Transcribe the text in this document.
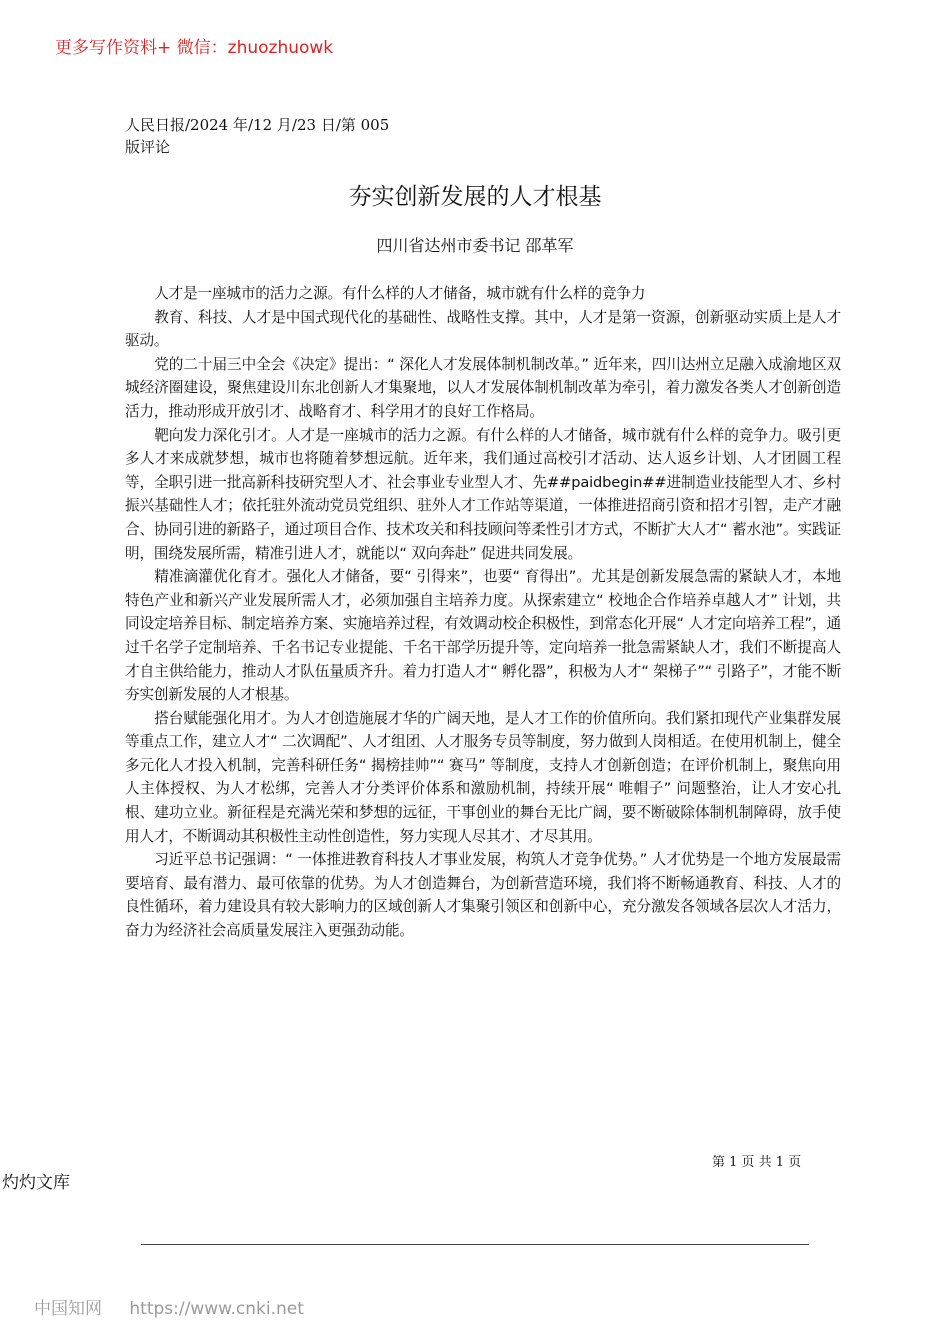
更多写作资料+ 微信：zhuozhuowk
人民日报/2024 年/12 月/23 日/第 005
版评论
夯实创新发展的人才根基
四川省达州市委书记 邵革军

人才是一座城市的活力之源。有什么样的人才储备，城市就有什么样的竞争力

教育、科技、人才是中国式现代化的基础性、战略性支撑。其中，人才是第一资源，创新驱动实质上是人才驱动。

党的二十届三中全会《决定》提出：“ 深化人才发展体制机制改革。” 近年来，四川达州立足融入成渝地区双城经济圈建设，聚焦建设川东北创新人才集聚地，以人才发展体制机制改革为牵引，着力激发各类人才创新创造活力，推动形成开放引才、战略育才、科学用才的良好工作格局。

靶向发力深化引才。人才是一座城市的活力之源。有什么样的人才储备，城市就有什么样的竞争力。吸引更多人才来成就梦想，城市也将随着梦想远航。近年来，我们通过高校引才活动、达人返乡计划、人才团圆工程等，全职引进一批高新科技研究型人才、社会事业专业型人才、先##paidbegin##进制造业技能型人才、乡村振兴基础性人才；依托驻外流动党员党组织、驻外人才工作站等渠道，一体推进招商引资和招才引智，走产才融合、协同引进的新路子，通过项目合作、技术攻关和科技顾问等柔性引才方式，不断扩大人才“ 蓄水池”。实践证明，围绕发展所需，精准引进人才，就能以“ 双向奔赴” 促进共同发展。

精准滴灌优化育才。强化人才储备，要“ 引得来”，也要“ 育得出”。尤其是创新发展急需的紧缺人才，本地特色产业和新兴产业发展所需人才，必须加强自主培养力度。从探索建立“ 校地企合作培养卓越人才” 计划，共同设定培养目标、制定培养方案、实施培养过程，有效调动校企积极性，到常态化开展“ 人才定向培养工程”，通过千名学子定制培养、千名书记专业提能、千名干部学历提升等，定向培养一批急需紧缺人才，我们不断提高人才自主供给能力，推动人才队伍量质齐升。着力打造人才“ 孵化器”，积极为人才“ 架梯子”“ 引路子”，才能不断夯实创新发展的人才根基。

搭台赋能强化用才。为人才创造施展才华的广阔天地，是人才工作的价值所向。我们紧扣现代产业集群发展等重点工作，建立人才“ 二次调配”、人才组团、人才服务专员等制度，努力做到人岗相适。在使用机制上，健全多元化人才投入机制，完善科研任务“ 揭榜挂帅”“ 赛马” 等制度，支持人才创新创造；在评价机制上，聚焦向用人主体授权、为人才松绑，完善人才分类评价体系和激励机制，持续开展“ 唯帽子” 问题整治，让人才安心扎根、建功立业。新征程是充满光荣和梦想的远征，干事创业的舞台无比广阔，要不断破除体制机制障碍，放手使用人才，不断调动其积极性主动性创造性，努力实现人尽其才、才尽其用。

习近平总书记强调：“ 一体推进教育科技人才事业发展，构筑人才竞争优势。” 人才优势是一个地方发展最需要培育、最有潜力、最可依靠的优势。为人才创造舞台，为创新营造环境，我们将不断畅通教育、科技、人才的良性循环，着力建设具有较大影响力的区域创新人才集聚引领区和创新中心，充分激发各领域各层次人才活力，奋力为经济社会高质量发展注入更强劲动能。

第 1 页 共 1 页
灼灼文库
中国知网 https://www.cnki.net
